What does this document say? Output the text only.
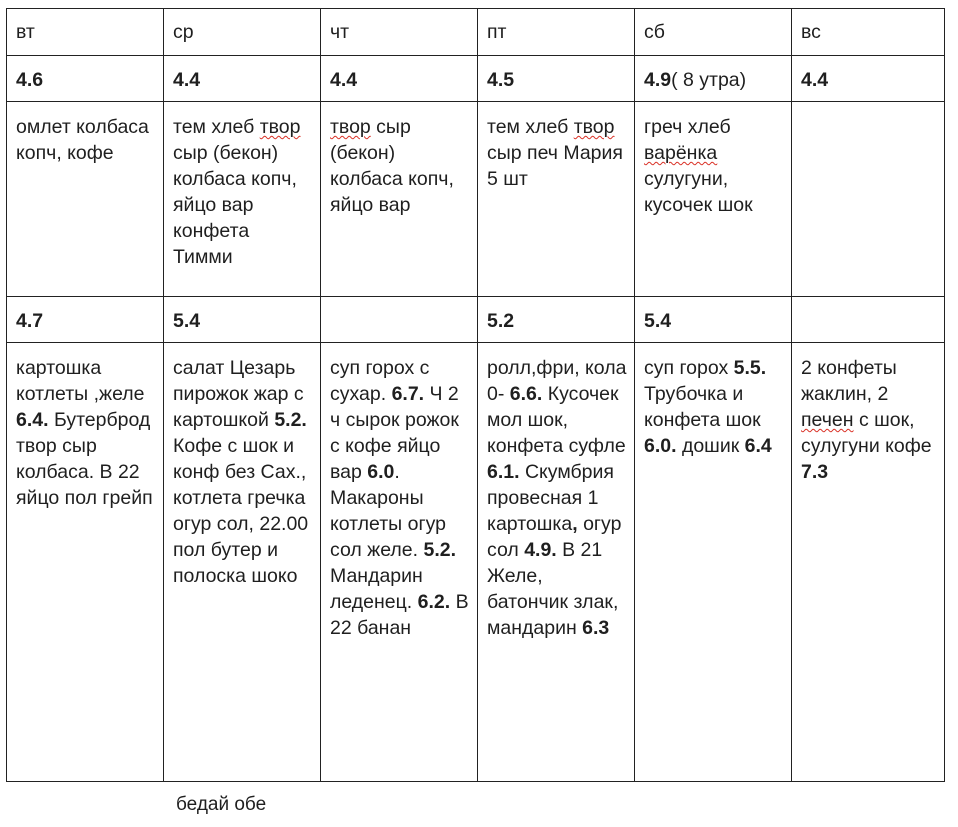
вт	ср	чт	пт	сб	вс
4.6	4.4	4.4	4.5	4.9( 8 утра)	4.4

омлет колбаса копч, кофе	тем хлеб твор сыр (бекон) колбаса копч, яйцо вар конфета Тимми	твор сыр (бекон) колбаса копч, яйцо вар	тем хлеб твор сыр печ Мария 5 шт	греч хлеб варёнка сулугуни, кусочек шок	

4.7	5.4		5.2	5.4	

картошка котлеты ,желе 6.4. Бутерброд твор сыр колбаса. В 22 яйцо пол грейп	салат Цезарь пирожок жар с картошкой 5.2. Кофе с шок и конф без Сах., котлета гречка огур сол, 22.00 пол бутер и полоска шоко	суп горох с сухар. 6.7. Ч 2 ч сырок рожок с кофе яйцо вар 6.0. Макароны котлеты огур сол желе. 5.2. Мандарин леденец. 6.2. В 22 банан	ролл,фри, кола 0- 6.6. Кусочек мол шок, конфета суфле 6.1. Скумбрия провесная 1 картошка, огур сол 4.9. В 21 Желе, батончик злак, мандарин 6.3	суп горох 5.5. Трубочка и конфета шок 6.0. дошик 6.4	2 конфеты жаклин, 2 печен с шок, сулугуни кофе 7.3
бедай обе
